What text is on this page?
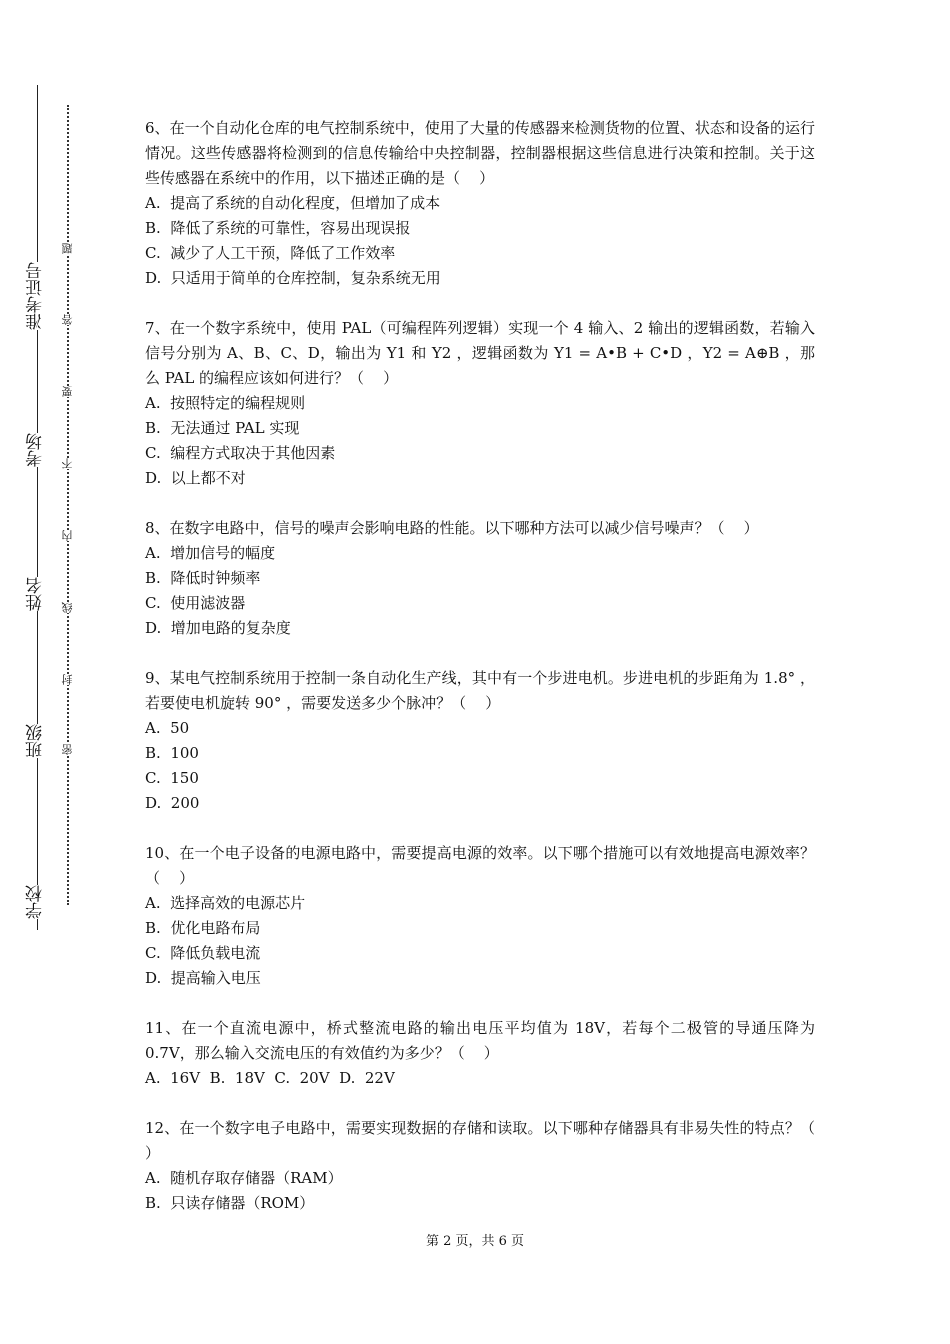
准考证号
考场
姓名
班级
学校
题
答
要
不
内
线
封
密
6、在一个自动化仓库的电气控制系统中，使用了大量的传感器来检测货物的位置、状态和设备的运行情况。这些传感器将检测到的信息传输给中央控制器，控制器根据这些信息进行决策和控制。关于这些传感器在系统中的作用，以下描述正确的是（    ）
A.  提高了系统的自动化程度，但增加了成本
B.  降低了系统的可靠性，容易出现误报
C.  减少了人工干预，降低了工作效率
D.  只适用于简单的仓库控制，复杂系统无用
7、在一个数字系统中，使用 PAL（可编程阵列逻辑）实现一个 4 输入、2 输出的逻辑函数，若输入信号分别为 A、B、C、D，输出为 Y1 和 Y2 ，逻辑函数为 Y1 = A•B + C•D ，Y2 = A⊕B ，那么 PAL 的编程应该如何进行？（    ）
A.  按照特定的编程规则
B.  无法通过 PAL 实现
C.  编程方式取决于其他因素
D.  以上都不对
8、在数字电路中，信号的噪声会影响电路的性能。以下哪种方法可以减少信号噪声？（    ）
A.  增加信号的幅度
B.  降低时钟频率
C.  使用滤波器
D.  增加电路的复杂度
9、某电气控制系统用于控制一条自动化生产线，其中有一个步进电机。步进电机的步距角为 1.8° ，若要使电机旋转 90° ，需要发送多少个脉冲？（    ）
A.  50
B.  100
C.  150
D.  200
10、在一个电子设备的电源电路中，需要提高电源的效率。以下哪个措施可以有效地提高电源效率？（    ）
A.  选择高效的电源芯片
B.  优化电路布局
C.  降低负载电流
D.  提高输入电压
11、在一个直流电源中，桥式整流电路的输出电压平均值为 18V，若每个二极管的导通压降为 0.7V，那么输入交流电压的有效值约为多少？（    ）
A.  16V  B.  18V  C.  20V  D.  22V
12、在一个数字电子电路中，需要实现数据的存储和读取。以下哪种存储器具有非易失性的特点？（    ）
A.  随机存取存储器（RAM）
B.  只读存储器（ROM）
第 2 页，共 6 页
